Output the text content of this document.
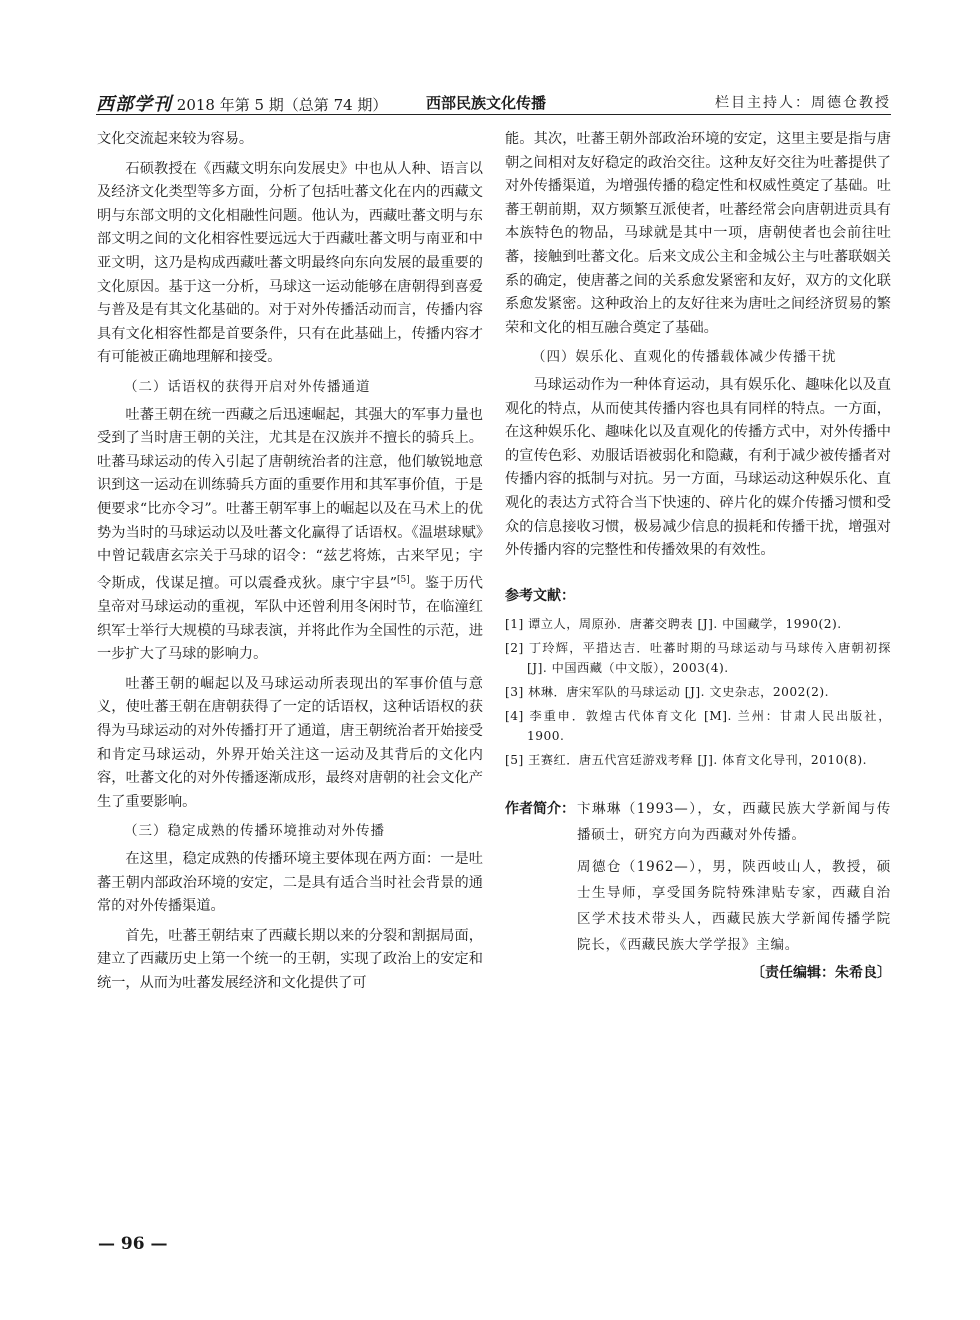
西部学刊 2018 年第 5 期（总第 74 期）	西部民族文化传播	栏目主持人：周德仓教授

文化交流起来较为容易。

石硕教授在《西藏文明东向发展史》中也从人种、语言以及经济文化类型等多方面，分析了包括吐蕃文化在内的西藏文明与东部文明的文化相融性问题。他认为，西藏吐蕃文明与东部文明之间的文化相容性要远远大于西藏吐蕃文明与南亚和中亚文明，这乃是构成西藏吐蕃文明最终向东向发展的最重要的文化原因。基于这一分析，马球这一运动能够在唐朝得到喜爱与普及是有其文化基础的。对于对外传播活动而言，传播内容具有文化相容性都是首要条件，只有在此基础上，传播内容才有可能被正确地理解和接受。

（二）话语权的获得开启对外传播通道

吐蕃王朝在统一西藏之后迅速崛起，其强大的军事力量也受到了当时唐王朝的关注，尤其是在汉族并不擅长的骑兵上。吐蕃马球运动的传入引起了唐朝统治者的注意，他们敏锐地意识到这一运动在训练骑兵方面的重要作用和其军事价值，于是便要求“比亦令习”。吐蕃王朝军事上的崛起以及在马术上的优势为当时的马球运动以及吐蕃文化赢得了话语权。《温堪球赋》中曾记载唐玄宗关于马球的诏令：“兹艺将炼，古来罕见；宇令斯成，伐谋足擅。可以震叠戎狄。康宁宇县”[5]。鉴于历代皇帝对马球运动的重视，军队中还曾利用冬闲时节，在临潼红织军士举行大规模的马球表演，并将此作为全国性的示范，进一步扩大了马球的影响力。

吐蕃王朝的崛起以及马球运动所表现出的军事价值与意义，使吐蕃王朝在唐朝获得了一定的话语权，这种话语权的获得为马球运动的对外传播打开了通道，唐王朝统治者开始接受和肯定马球运动，外界开始关注这一运动及其背后的文化内容，吐蕃文化的对外传播逐渐成形，最终对唐朝的社会文化产生了重要影响。

（三）稳定成熟的传播环境推动对外传播

在这里，稳定成熟的传播环境主要体现在两方面：一是吐蕃王朝内部政治环境的安定，二是具有适合当时社会背景的通常的对外传播渠道。

首先，吐蕃王朝结束了西藏长期以来的分裂和割据局面，建立了西藏历史上第一个统一的王朝，实现了政治上的安定和统一，从而为吐蕃发展经济和文化提供了可

能。其次，吐蕃王朝外部政治环境的安定，这里主要是指与唐朝之间相对友好稳定的政治交往。这种友好交往为吐蕃提供了对外传播渠道，为增强传播的稳定性和权威性奠定了基础。吐蕃王朝前期，双方频繁互派使者，吐蕃经常会向唐朝进贡具有本族特色的物品，马球就是其中一项，唐朝使者也会前往吐蕃，接触到吐蕃文化。后来文成公主和金城公主与吐蕃联姻关系的确定，使唐蕃之间的关系愈发紧密和友好，双方的文化联系愈发紧密。这种政治上的友好往来为唐吐之间经济贸易的繁荣和文化的相互融合奠定了基础。

（四）娱乐化、直观化的传播载体减少传播干扰

马球运动作为一种体育运动，具有娱乐化、趣味化以及直观化的特点，从而使其传播内容也具有同样的特点。一方面，在这种娱乐化、趣味化以及直观化的传播方式中，对外传播中的宣传色彩、劝服话语被弱化和隐藏，有利于减少被传播者对传播内容的抵制与对抗。另一方面，马球运动这种娱乐化、直观化的表达方式符合当下快速的、碎片化的媒介传播习惯和受众的信息接收习惯，极易减少信息的损耗和传播干扰，增强对外传播内容的完整性和传播效果的有效性。

参考文献：

[1] 谭立人，周原孙．唐蕃交聘表 [J]. 中国藏学，1990(2).

[2] 丁玲辉，平措达吉．吐蕃时期的马球运动与马球传入唐朝初探 [J]. 中国西藏（中文版），2003(4).

[3] 林琳．唐宋军队的马球运动 [J]. 文史杂志，2002(2).

[4] 李重申．敦煌古代体育文化 [M]. 兰州：甘肃人民出版社，1900.

[5] 王赛红．唐五代宫廷游戏考释 [J]. 体育文化导刊，2010(8).

作者简介： 卞琳琳（1993—），女，西藏民族大学新闻与传播硕士，研究方向为西藏对外传播。

周德仓（1962—），男，陕西岐山人，教授，硕士生导师，享受国务院特殊津贴专家，西藏自治区学术技术带头人，西藏民族大学新闻传播学院院长，《西藏民族大学学报》主编。

〔责任编辑：朱希良〕
— 96 —
